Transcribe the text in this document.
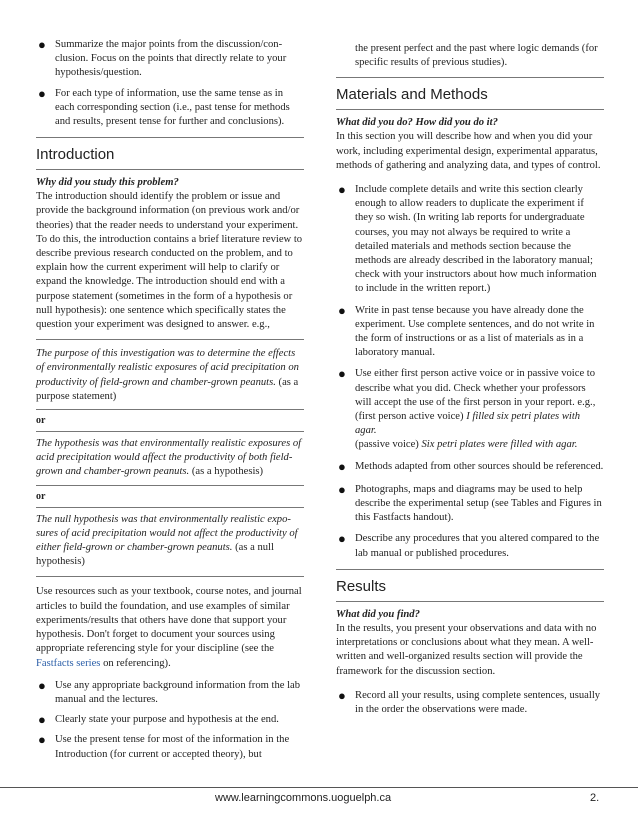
● Summarize the major points from the discussion/conclusion. Focus on the points that directly relate to your hypothesis/question.
● For each type of information, use the same tense as in each corresponding section (i.e., past tense for methods and results, present tense for further and conclusions).
Introduction

Why did you study this problem?

The introduction should identify the problem or issue and provide the background information (on previous work and/or theories) that the reader needs to understand your experiment. To do this, the introduction contains a brief literature review to describe previous research conducted on the problem, and to explain how the current experiment will help to clarify or expand the knowledge. The introduction should end with a purpose statement (sometimes in the form of a hypothesis or null hypothesis): one sentence which specifically states the question your experiment was designed to answer. e.g.,

The purpose of this investigation was to determine the effects of environmentally realistic exposures of acid precipitation on productivity of field-grown and chamber-grown peanuts. (as a purpose statement)

or

The hypothesis was that environmentally realistic exposures of acid precipitation would affect the productivity of both field-grown and chamber-grown peanuts. (as a hypothesis)

or

The null hypothesis was that environmentally realistic exposures of acid precipitation would not affect the productivity of either field-grown or chamber-grown peanuts. (as a null hypothesis)

Use resources such as your textbook, course notes, and journal articles to build the foundation, and use examples of similar experiments/results that others have done that support your hypothesis. Don't forget to document your sources using appropriate referencing style for your discipline (see the Fastfacts series on referencing).

● Use any appropriate background information from the lab manual and the lectures.
● Clearly state your purpose and hypothesis at the end.
● Use the present tense for most of the information in the Introduction (for current or accepted theory), but

the present perfect and the past where logic demands (for specific results of previous studies).

Materials and Methods

What did you do? How did you do it?

In this section you will describe how and when you did your work, including experimental design, experimental apparatus, methods of gathering and analyzing data, and types of control.

● Include complete details and write this section clearly enough to allow readers to duplicate the experiment if they so wish. (In writing lab reports for undergraduate courses, you may not always be required to write a detailed materials and methods section because the methods are already described in the laboratory manual; check with your instructors about how much information to include in the written report.)
● Write in past tense because you have already done the experiment. Use complete sentences, and do not write in the form of instructions or as a list of materials as in a laboratory manual.
● Use either first person active voice or in passive voice to describe what you did. Check whether your professors will accept the use of the first person in your report. e.g.,
(first person active voice) I filled six petri plates with agar.
(passive voice) Six petri plates were filled with agar.
● Methods adapted from other sources should be referenced.
● Photographs, maps and diagrams may be used to help describe the experimental setup (see Tables and Figures in this Fastfacts handout).
● Describe any procedures that you altered compared to the lab manual or published procedures.
Results

What did you find?

In the results, you present your observations and data with no interpretations or conclusions about what they mean. A well-written and well-organized results section will provide the framework for the discussion section.

● Record all your results, using complete sentences, usually in the order the observations were made.
www.learningcommons.uoguelph.ca	2.
